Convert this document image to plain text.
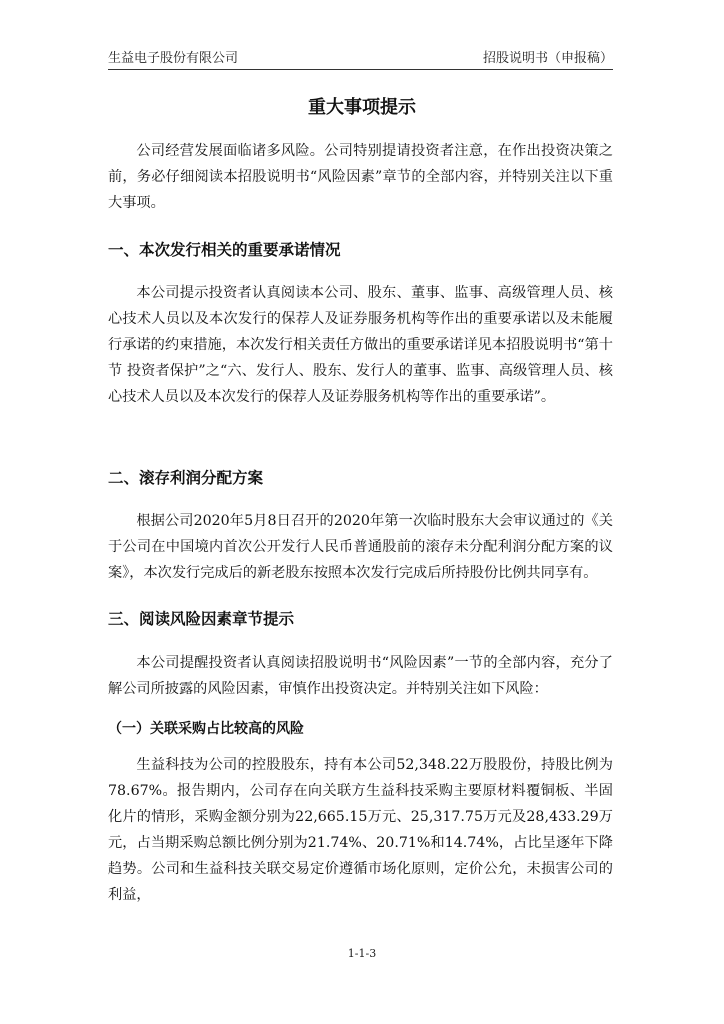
生益电子股份有限公司	招股说明书（申报稿）
重大事项提示

公司经营发展面临诸多风险。公司特别提请投资者注意，在作出投资决策之前，务必仔细阅读本招股说明书“风险因素”章节的全部内容，并特别关注以下重大事项。

一、本次发行相关的重要承诺情况

本公司提示投资者认真阅读本公司、股东、董事、监事、高级管理人员、核心技术人员以及本次发行的保荐人及证券服务机构等作出的重要承诺以及未能履行承诺的约束措施，本次发行相关责任方做出的重要承诺详见本招股说明书“第十节 投资者保护”之“六、发行人、股东、发行人的董事、监事、高级管理人员、核心技术人员以及本次发行的保荐人及证券服务机构等作出的重要承诺”。

二、滚存利润分配方案

根据公司2020年5月8日召开的2020年第一次临时股东大会审议通过的《关于公司在中国境内首次公开发行人民币普通股前的滚存未分配利润分配方案的议案》，本次发行完成后的新老股东按照本次发行完成后所持股份比例共同享有。

三、阅读风险因素章节提示

本公司提醒投资者认真阅读招股说明书“风险因素”一节的全部内容，充分了解公司所披露的风险因素，审慎作出投资决定。并特别关注如下风险：

（一）关联采购占比较高的风险

生益科技为公司的控股股东，持有本公司52,348.22万股股份，持股比例为78.67%。报告期内，公司存在向关联方生益科技采购主要原材料覆铜板、半固化片的情形，采购金额分别为22,665.15万元、25,317.75万元及28,433.29万元，占当期采购总额比例分别为21.74%、20.71%和14.74%，占比呈逐年下降趋势。公司和生益科技关联交易定价遵循市场化原则，定价公允，未损害公司的利益，

1-1-3
